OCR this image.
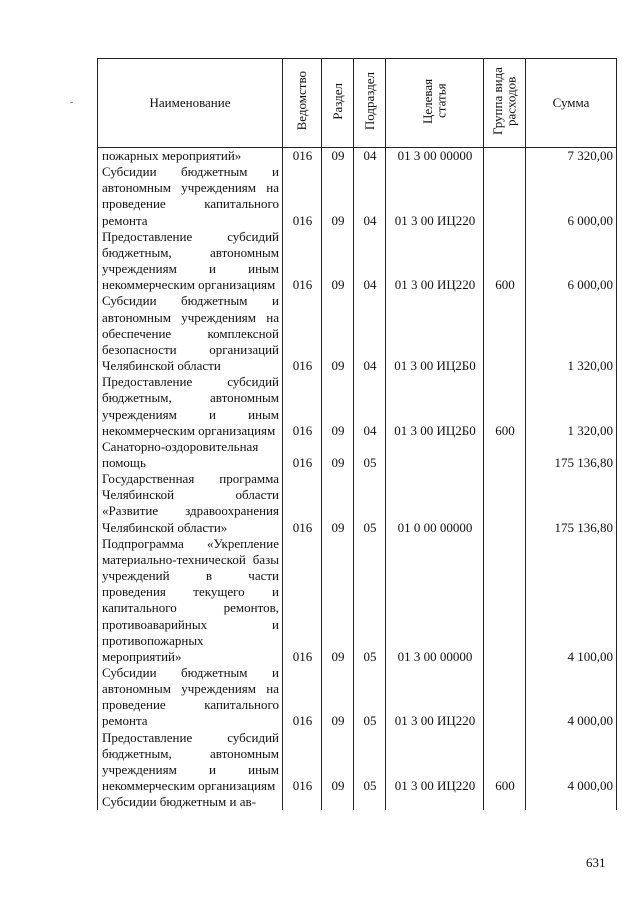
Наименование	Ведомство	Раздел	Подраздел	Целевая статья	Группа вида расходов	Сумма
пожарных мероприятий»	016	09	04	01 3 00 00000		7 320,00
Субсидии бюджетным и автономным учреждениям на проведение капитального ремонта	016	09	04	01 3 00 ИЦ220		6 000,00
Предоставление субсидий бюджетным, автономным учреждениям и иным некоммерческим организациям	016	09	04	01 3 00 ИЦ220	600	6 000,00
Субсидии бюджетным и автономным учреждениям на обеспечение комплексной безопасности организаций Челябинской области	016	09	04	01 3 00 ИЦ2Б0		1 320,00
Предоставление субсидий бюджетным, автономным учреждениям и иным некоммерческим организациям	016	09	04	01 3 00 ИЦ2Б0	600	1 320,00
Санаторно-оздоровительная помощь	016	09	05			175 136,80
Государственная программа Челябинской области «Развитие здравоохранения Челябинской области»	016	09	05	01 0 00 00000		175 136,80
Подпрограмма «Укрепление материально-технической базы учреждений в части проведения текущего и капитального ремонтов, противоаварийных и противопожарных мероприятий»	016	09	05	01 3 00 00000		4 100,00
Субсидии бюджетным и автономным учреждениям на проведение капитального ремонта	016	09	05	01 3 00 ИЦ220		4 000,00
Предоставление субсидий бюджетным, автономным учреждениям и иным некоммерческим организациям	016	09	05	01 3 00 ИЦ220	600	4 000,00
Субсидии бюджетным и ав-						
631
